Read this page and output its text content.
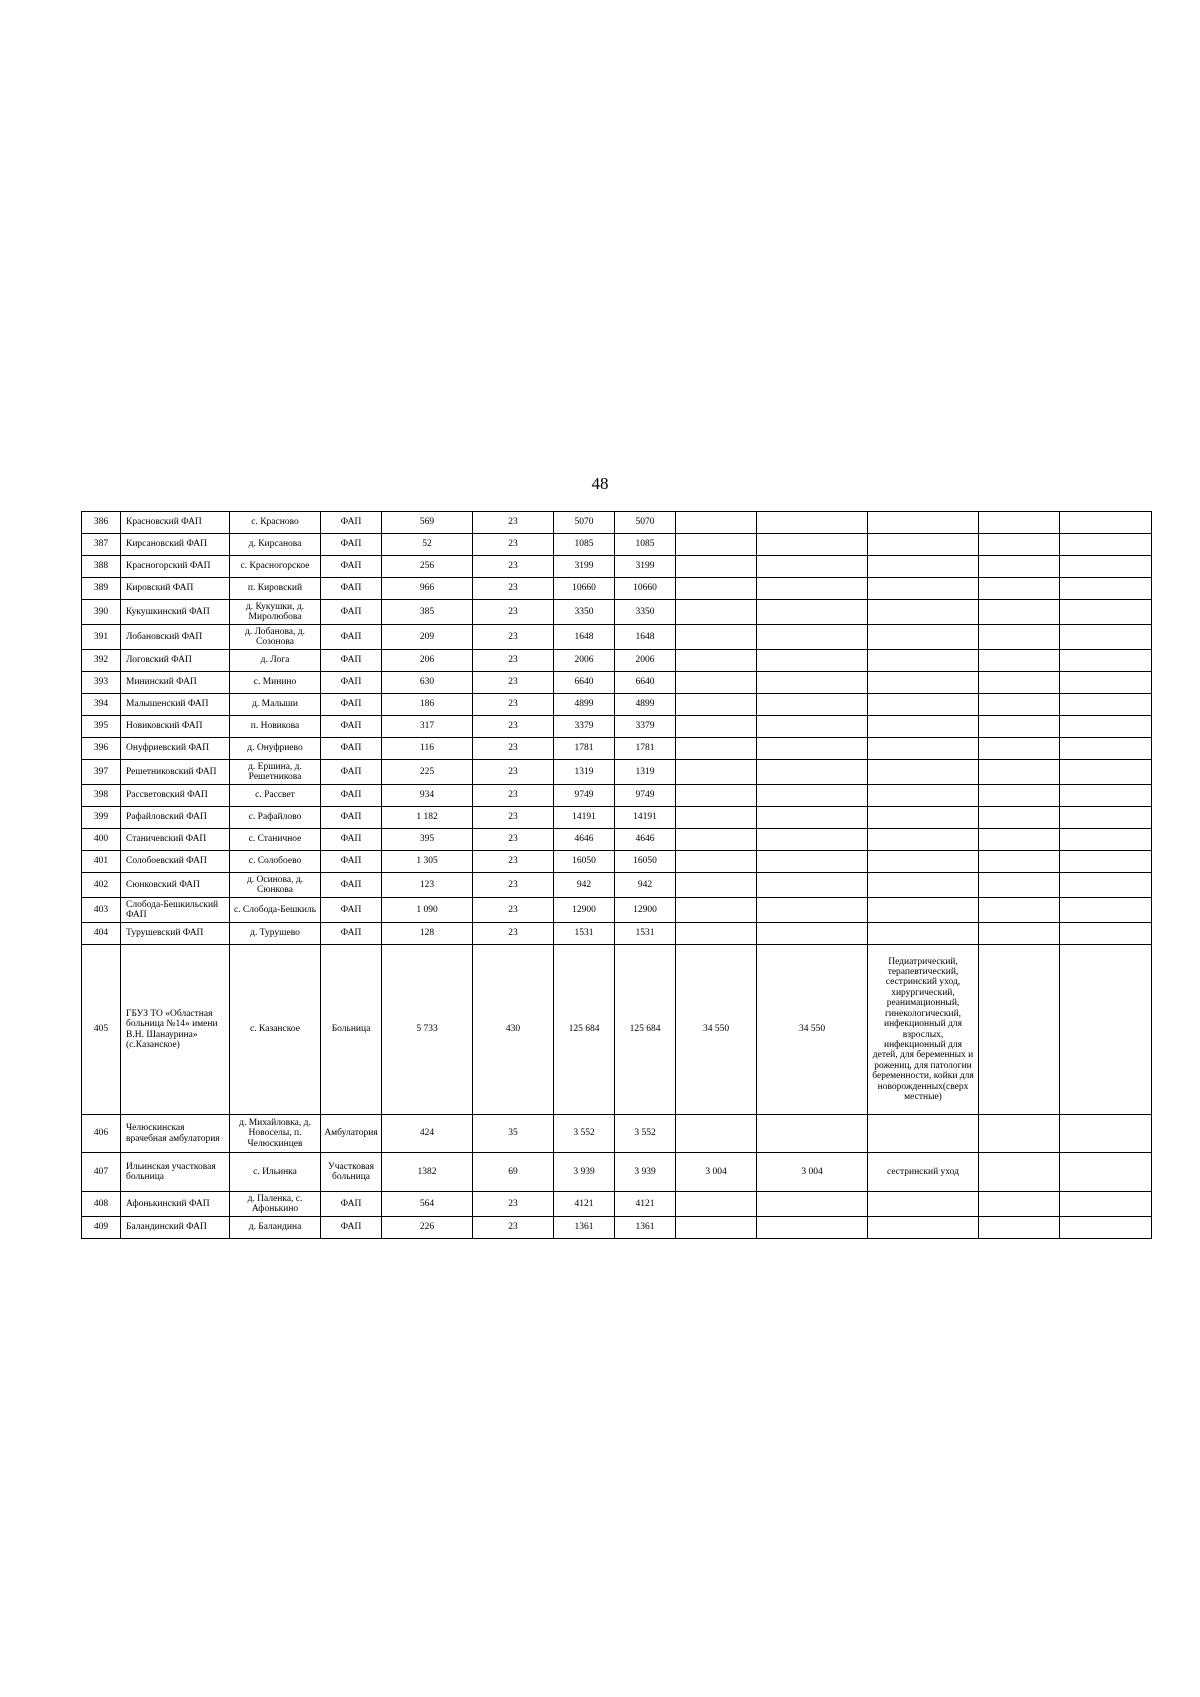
48
386	Красновский ФАП	с. Красново	ФАП	569	23	5070	5070					
387	Кирсановский ФАП	д. Кирсанова	ФАП	52	23	1085	1085					
388	Красногорский ФАП	с. Красногорское	ФАП	256	23	3199	3199					
389	Кировский ФАП	п. Кировский	ФАП	966	23	10660	10660					
390	Кукушкинский ФАП	д. Кукушки, д. Миролюбова	ФАП	385	23	3350	3350					
391	Лобановский ФАП	д. Лобанова, д. Созонова	ФАП	209	23	1648	1648					
392	Логовский ФАП	д. Лога	ФАП	206	23	2006	2006					
393	Мининский ФАП	с. Минино	ФАП	630	23	6640	6640					
394	Малышенский ФАП	д. Малыши	ФАП	186	23	4899	4899					
395	Новиковский ФАП	п. Новикова	ФАП	317	23	3379	3379					
396	Онуфриевский ФАП	д. Онуфриево	ФАП	116	23	1781	1781					
397	Решетниковский ФАП	д. Ершина, д. Решетникова	ФАП	225	23	1319	1319					
398	Рассветовский ФАП	с. Рассвет	ФАП	934	23	9749	9749					
399	Рафайловский ФАП	с. Рафайлово	ФАП	1 182	23	14191	14191					
400	Станичевский ФАП	с. Станичное	ФАП	395	23	4646	4646					
401	Солобоевский ФАП	с. Солобоево	ФАП	1 305	23	16050	16050					
402	Сюнковский ФАП	д. Осинова, д. Сюнкова	ФАП	123	23	942	942					
403	Слобода-Бешкильский ФАП	с. Слобода-Бешкиль	ФАП	1 090	23	12900	12900					
404	Турушевский ФАП	д. Турушево	ФАП	128	23	1531	1531					
405	ГБУЗ ТО «Областная больница №14» имени В.Н. Шанаурина» (с.Казанское)	с. Казанское	Больница	5 733	430	125 684	125 684	34 550	34 550	Педиатрический, терапевтический, сестринский уход, хирургический, реанимационный, гинекологический, инфекционный для взрослых, инфекционный для детей, для беременных и рожениц, для патологии беременности, койки для новорожденных(сверх местные)		
406	Челюскинская врачебная амбулатория	д. Михайловка, д. Новоселы, п. Челюскинцев	Амбулатория	424	35	3 552	3 552					
407	Ильинская участковая больница	с. Ильинка	Участковая больница	1382	69	3 939	3 939	3 004	3 004	сестринский уход		
408	Афонькинский ФАП	д. Паленка, с. Афонькино	ФАП	564	23	4121	4121					
409	Баландинский ФАП	д. Баландина	ФАП	226	23	1361	1361					
